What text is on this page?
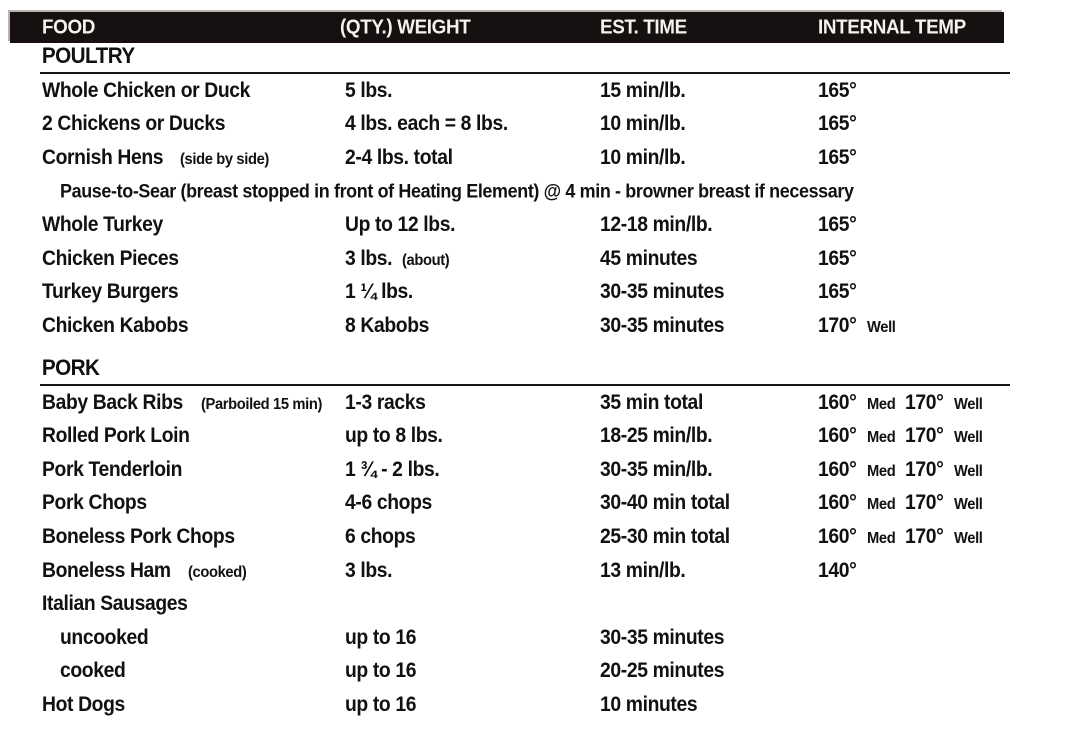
FOOD	(QTY.) WEIGHT	EST. TIME	INTERNAL TEMP
POULTRY
Whole Chicken or Duck	5 lbs.	15 min/lb.	165°
2 Chickens or Ducks	4 lbs. each = 8 lbs.	10 min/lb.	165°
Cornish Hens (side by side)	2-4 lbs. total	10 min/lb.	165°
Pause-to-Sear (breast stopped in front of Heating Element) @ 4 min - browner breast if necessary
Whole Turkey	Up to 12 lbs.	12-18 min/lb.	165°
Chicken Pieces	3 lbs. (about)	45 minutes	165°
Turkey Burgers	1 ¼ lbs.	30-35 minutes	165°
Chicken Kabobs	8 Kabobs	30-35 minutes	170° Well
PORK
Baby Back Ribs (Parboiled 15 min)	1-3 racks	35 min total	160° Med 170° Well
Rolled Pork Loin	up to 8 lbs.	18-25 min/lb.	160° Med 170° Well
Pork Tenderloin	1 ¾ - 2 lbs.	30-35 min/lb.	160° Med 170° Well
Pork Chops	4-6 chops	30-40 min total	160° Med 170° Well
Boneless Pork Chops	6 chops	25-30 min total	160° Med 170° Well
Boneless Ham (cooked)	3 lbs.	13 min/lb.	140°
Italian Sausages
uncooked	up to 16	30-35 minutes
cooked	up to 16	20-25 minutes
Hot Dogs	up to 16	10 minutes
